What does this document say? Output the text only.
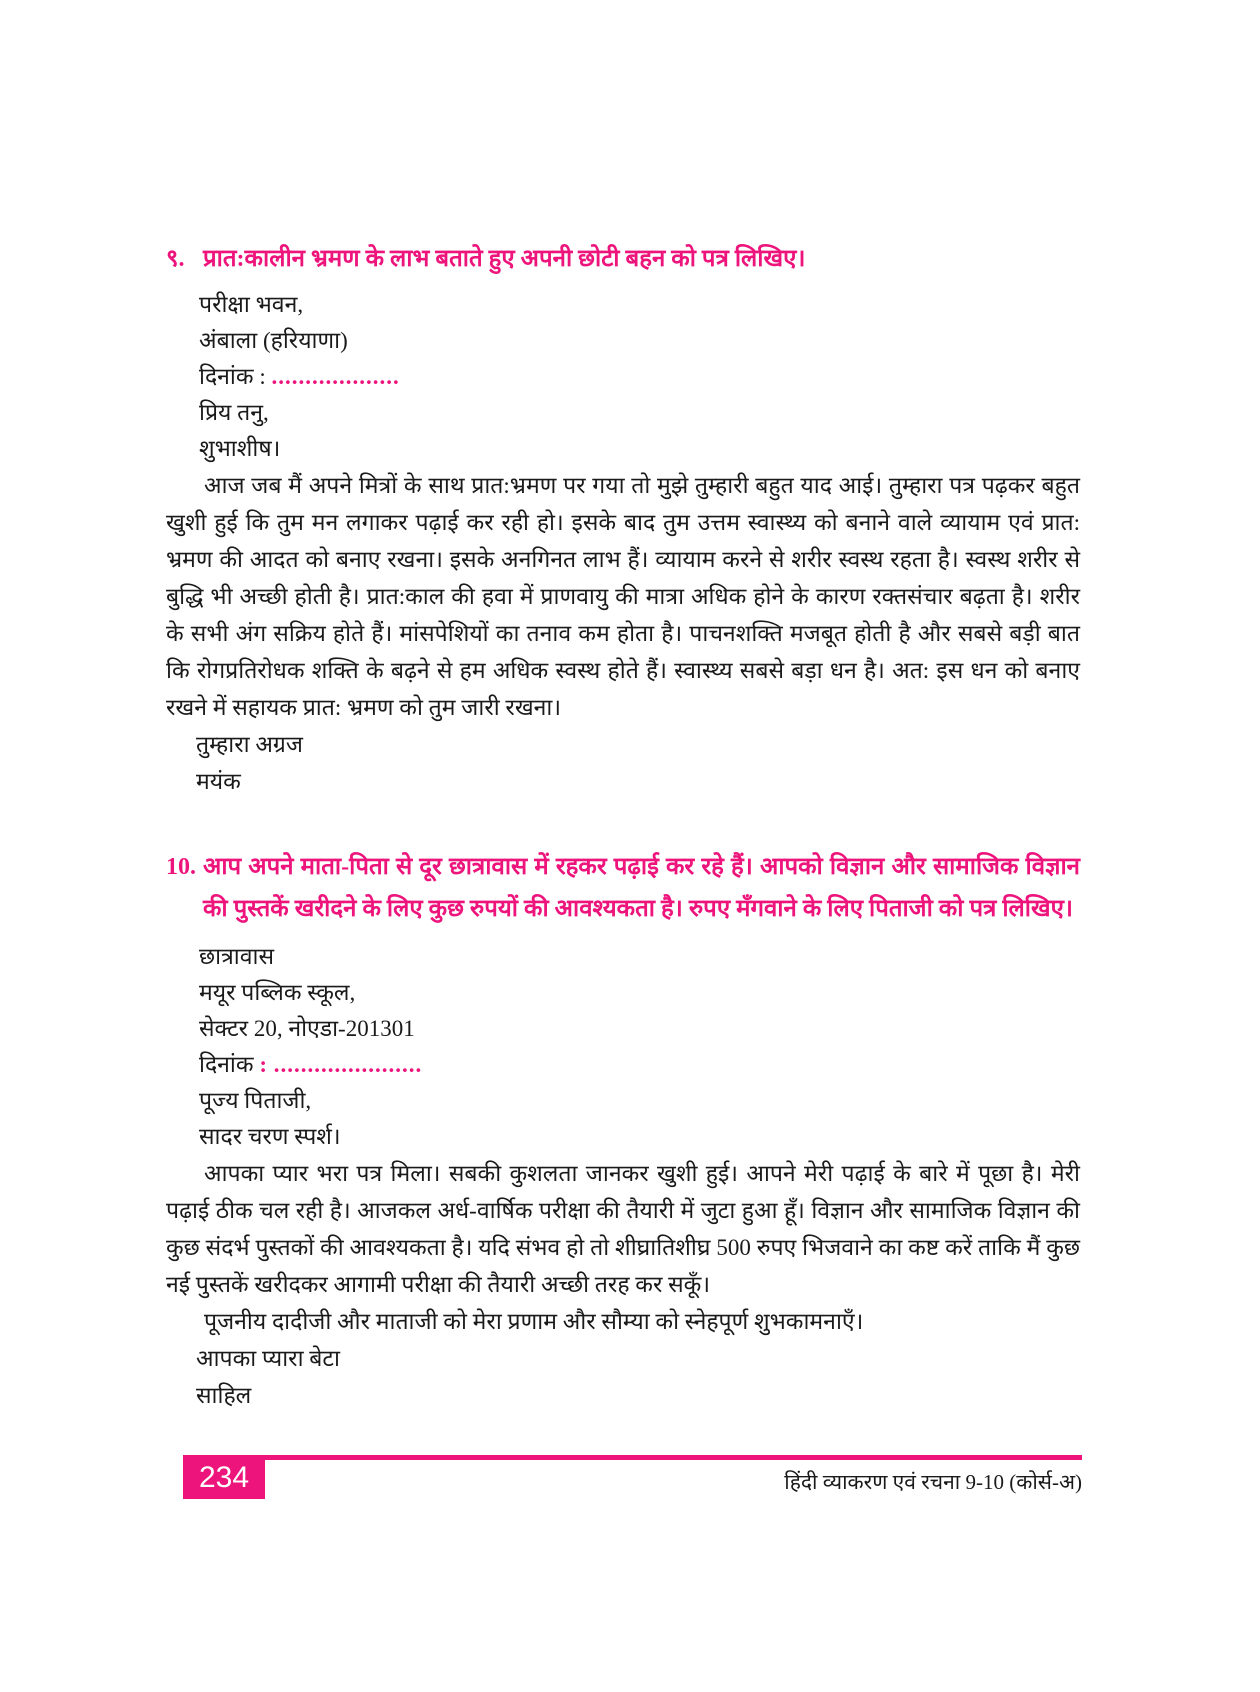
९. प्रात:कालीन भ्रमण के लाभ बताते हुए अपनी छोटी बहन को पत्र लिखिए।
परीक्षा भवन,
अंबाला (हरियाणा)
दिनांक : ...................
प्रिय तनु,
शुभाशीष।

आज जब मैं अपने मित्रों के साथ प्रात:भ्रमण पर गया तो मुझे तुम्हारी बहुत याद आई। तुम्हारा पत्र पढ़कर बहुत खुशी हुई कि तुम मन लगाकर पढ़ाई कर रही हो। इसके बाद तुम उत्तम स्वास्थ्य को बनाने वाले व्यायाम एवं प्रात: भ्रमण की आदत को बनाए रखना। इसके अनगिनत लाभ हैं। व्यायाम करने से शरीर स्वस्थ रहता है। स्वस्थ शरीर से बुद्धि भी अच्छी होती है। प्रात:काल की हवा में प्राणवायु की मात्रा अधिक होने के कारण रक्तसंचार बढ़ता है। शरीर के सभी अंग सक्रिय होते हैं। मांसपेशियों का तनाव कम होता है। पाचनशक्ति मजबूत होती है और सबसे बड़ी बात कि रोगप्रतिरोधक शक्ति के बढ़ने से हम अधिक स्वस्थ होते हैं। स्वास्थ्य सबसे बड़ा धन है। अत: इस धन को बनाए रखने में सहायक प्रात: भ्रमण को तुम जारी रखना।

तुम्हारा अग्रज
मयंक
10. आप अपने माता-पिता से दूर छात्रावास में रहकर पढ़ाई कर रहे हैं। आपको विज्ञान और सामाजिक विज्ञान की पुस्तकें खरीदने के लिए कुछ रुपयों की आवश्यकता है। रुपए मँगवाने के लिए पिताजी को पत्र लिखिए।
छात्रावास
मयूर पब्लिक स्कूल,
सेक्टर 20, नोएडा-201301
दिनांक : ......................
पूज्य पिताजी,
सादर चरण स्पर्श।

आपका प्यार भरा पत्र मिला। सबकी कुशलता जानकर खुशी हुई। आपने मेरी पढ़ाई के बारे में पूछा है। मेरी पढ़ाई ठीक चल रही है। आजकल अर्ध-वार्षिक परीक्षा की तैयारी में जुटा हुआ हूँ। विज्ञान और सामाजिक विज्ञान की कुछ संदर्भ पुस्तकों की आवश्यकता है। यदि संभव हो तो शीघ्रातिशीघ्र 500 रुपए भिजवाने का कष्ट करें ताकि मैं कुछ नई पुस्तकें खरीदकर आगामी परीक्षा की तैयारी अच्छी तरह कर सकूँ।

पूजनीय दादीजी और माताजी को मेरा प्रणाम और सौम्या को स्नेहपूर्ण शुभकामनाएँ।

आपका प्यारा बेटा
साहिल
234	हिंदी व्याकरण एवं रचना 9-10 (कोर्स-अ)
